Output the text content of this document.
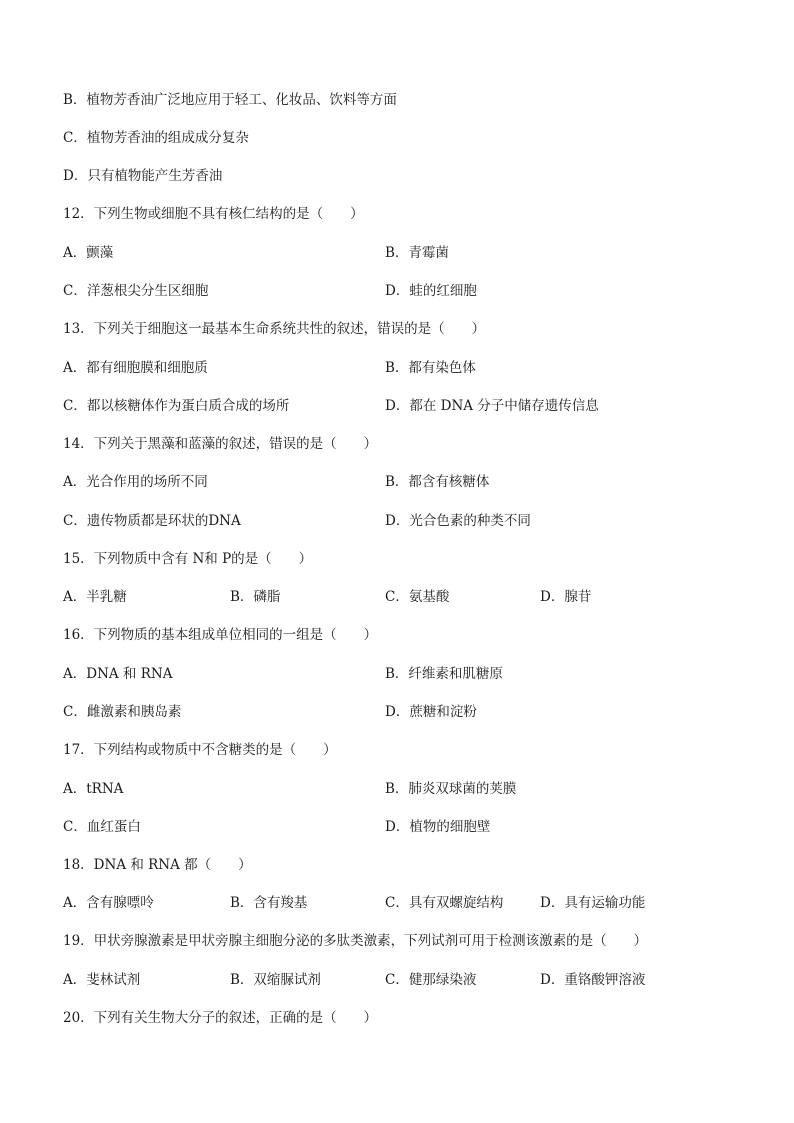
B．植物芳香油广泛地应用于轻工、化妆品、饮料等方面
C．植物芳香油的组成成分复杂
D．只有植物能产生芳香油
12．下列生物或细胞不具有核仁结构的是（　　）
A．颤藻	B．青霉菌
C．洋葱根尖分生区细胞	D．蛙的红细胞
13．下列关于细胞这一最基本生命系统共性的叙述，错误的是（　　）
A．都有细胞膜和细胞质	B．都有染色体
C．都以核糖体作为蛋白质合成的场所	D．都在 DNA 分子中储存遗传信息
14．下列关于黑藻和蓝藻的叙述，错误的是（　　）
A．光合作用的场所不同	B．都含有核糖体
C．遗传物质都是环状的DNA	D．光合色素的种类不同
15．下列物质中含有 N和 P的是（　　）
A．半乳糖	B．磷脂	C．氨基酸	D．腺苷
16．下列物质的基本组成单位相同的一组是（　　）
A．DNA 和 RNA	B．纤维素和肌糖原
C．雌激素和胰岛素	D．蔗糖和淀粉
17．下列结构或物质中不含糖类的是（　　）
A．tRNA	B．肺炎双球菌的荚膜
C．血红蛋白	D．植物的细胞壁
18．DNA 和 RNA 都（　　）
A．含有腺嘌呤	B．含有羧基	C．具有双螺旋结构	D．具有运输功能
19．甲状旁腺激素是甲状旁腺主细胞分泌的多肽类激素，下列试剂可用于检测该激素的是（　　）
A．斐林试剂	B．双缩脲试剂	C．健那绿染液	D．重铬酸钾溶液
20．下列有关生物大分子的叙述，正确的是（　　）
